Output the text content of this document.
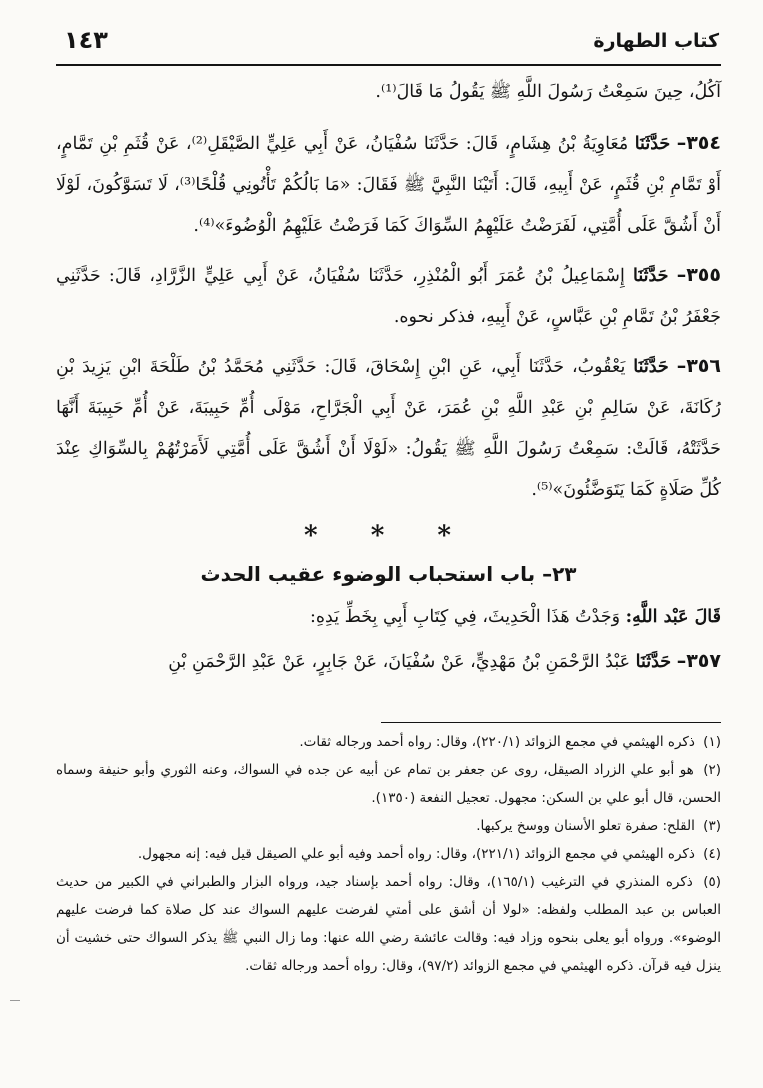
كتاب الطهارة
١٤٣

آكُلُ، حِينَ سَمِعْتُ رَسُولَ اللَّهِ ﷺ يَقُولُ مَا قَالَ⁽¹⁾.

٣٥٤– حَدَّثَنَا مُعَاوِيَةُ بْنُ هِشَامٍ، قَالَ: حَدَّثَنَا سُفْيَانُ، عَنْ أَبِي عَلِيٍّ الصَّيْقَلِ⁽²⁾، عَنْ قُثَمِ بْنِ تَمَّامٍ، أَوْ تَمَّامِ بْنِ قُثَمٍ، عَنْ أَبِيهِ، قَالَ: أَتَيْنَا النَّبِيَّ ﷺ فَقَالَ: «مَا بَالُكُمْ تَأْتُونِي قُلْحًا⁽³⁾، لَا تَسَوَّكُونَ، لَوْلَا أَنْ أَشُقَّ عَلَى أُمَّتِي، لَفَرَضْتُ عَلَيْهِمُ السِّوَاكَ كَمَا فَرَضْتُ عَلَيْهِمُ الْوُضُوءَ»⁽⁴⁾.

٣٥٥– حَدَّثَنَا إِسْمَاعِيلُ بْنُ عُمَرَ أَبُو الْمُنْذِرِ، حَدَّثَنَا سُفْيَانُ، عَنْ أَبِي عَلِيٍّ الزَّرَّادِ، قَالَ: حَدَّثَنِي جَعْفَرُ بْنُ تَمَّامِ بْنِ عَبَّاسٍ، عَنْ أَبِيهِ، فذكر نحوه.

٣٥٦– حَدَّثَنَا يَعْقُوبُ، حَدَّثَنَا أَبِي، عَنِ ابْنِ إِسْحَاقَ، قَالَ: حَدَّثَنِي مُحَمَّدُ بْنُ طَلْحَةَ ابْنِ يَزِيدَ بْنِ رُكَانَةَ، عَنْ سَالِمِ بْنِ عَبْدِ اللَّهِ بْنِ عُمَرَ، عَنْ أَبِي الْجَرَّاحِ، مَوْلَى أُمِّ حَبِيبَةَ، عَنْ أُمِّ حَبِيبَةَ أَنَّهَا حَدَّثَتْهُ، قَالَتْ: سَمِعْتُ رَسُولَ اللَّهِ ﷺ يَقُولُ: «لَوْلَا أَنْ أَشُقَّ عَلَى أُمَّتِي لَأَمَرْتُهُمْ بِالسِّوَاكِ عِنْدَ كُلِّ صَلَاةٍ كَمَا يَتَوَضَّئُونَ»⁽⁵⁾.

* * *
٢٣– باب استحباب الوضوء عقيب الحدث

قَالَ عَبْد اللَّهِ: وَجَدْتُ هَذَا الْحَدِيثَ، فِي كِتَابِ أَبِي بِخَطِّ يَدِهِ:

٣٥٧– حَدَّثَنَا عَبْدُ الرَّحْمَنِ بْنُ مَهْدِيٍّ، عَنْ سُفْيَانَ، عَنْ جَابِرٍ، عَنْ عَبْدِ الرَّحْمَنِ بْنِ

(١) ذكره الهيثمي في مجمع الزوائد (٢٢٠/١)، وقال: رواه أحمد ورجاله ثقات.

(٢) هو أبو علي الزراد الصيقل، روى عن جعفر بن تمام عن أبيه عن جده في السواك، وعنه الثوري وأبو حنيفة وسماه الحسن، قال أبو علي بن السكن: مجهول. تعجيل النفعة (١٣٥٠).

(٣) القلح: صفرة تعلو الأسنان ووسخ يركبها.

(٤) ذكره الهيثمي في مجمع الزوائد (٢٢١/١)، وقال: رواه أحمد وفيه أبو علي الصيقل قيل فيه: إنه مجهول.

(٥) ذكره المنذري في الترغيب (١٦٥/١)، وقال: رواه أحمد بإسناد جيد، ورواه البزار والطبراني في الكبير من حديث العباس بن عبد المطلب ولفظه: «لولا أن أشق على أمتي لفرضت عليهم السواك عند كل صلاة كما فرضت عليهم الوضوء». ورواه أبو يعلى بنحوه وزاد فيه: وقالت عائشة رضي الله عنها: وما زال النبي ﷺ يذكر السواك حتى خشيت أن ينزل فيه قرآن. ذكره الهيثمي في مجمع الزوائد (٩٧/٢)، وقال: رواه أحمد ورجاله ثقات.
